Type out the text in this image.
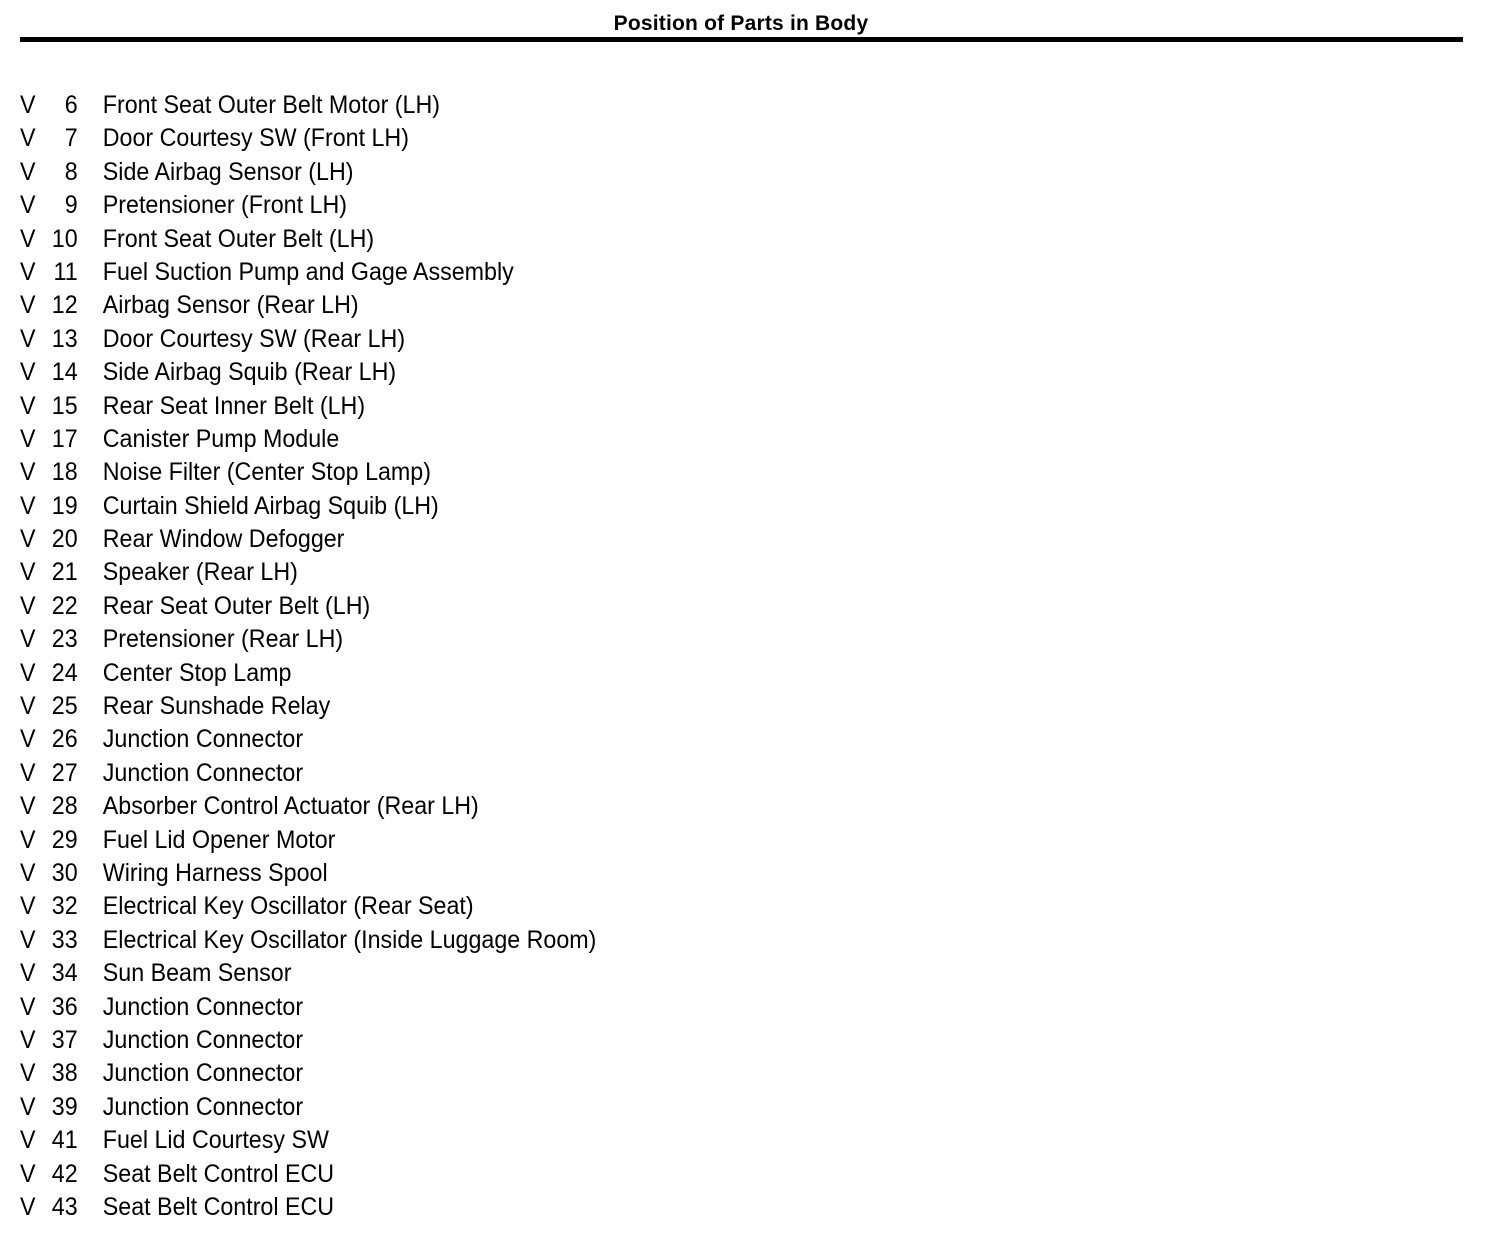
Position of Parts in Body
V 6 Front Seat Outer Belt Motor (LH)
V 7 Door Courtesy SW (Front LH)
V 8 Side Airbag Sensor (LH)
V 9 Pretensioner (Front LH)
V 10 Front Seat Outer Belt (LH)
V 11 Fuel Suction Pump and Gage Assembly
V 12 Airbag Sensor (Rear LH)
V 13 Door Courtesy SW (Rear LH)
V 14 Side Airbag Squib (Rear LH)
V 15 Rear Seat Inner Belt (LH)
V 17 Canister Pump Module
V 18 Noise Filter (Center Stop Lamp)
V 19 Curtain Shield Airbag Squib (LH)
V 20 Rear Window Defogger
V 21 Speaker (Rear LH)
V 22 Rear Seat Outer Belt (LH)
V 23 Pretensioner (Rear LH)
V 24 Center Stop Lamp
V 25 Rear Sunshade Relay
V 26 Junction Connector
V 27 Junction Connector
V 28 Absorber Control Actuator (Rear LH)
V 29 Fuel Lid Opener Motor
V 30 Wiring Harness Spool
V 32 Electrical Key Oscillator (Rear Seat)
V 33 Electrical Key Oscillator (Inside Luggage Room)
V 34 Sun Beam Sensor
V 36 Junction Connector
V 37 Junction Connector
V 38 Junction Connector
V 39 Junction Connector
V 41 Fuel Lid Courtesy SW
V 42 Seat Belt Control ECU
V 43 Seat Belt Control ECU
